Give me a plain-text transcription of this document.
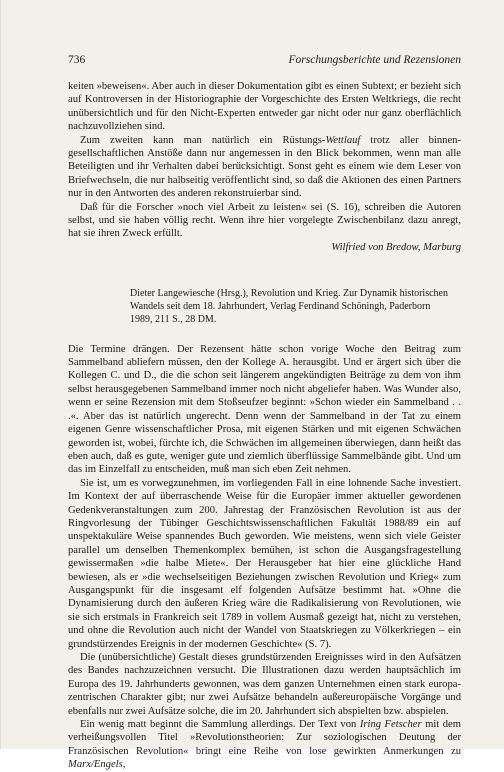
736	Forschungsberichte und Rezensionen

keiten »beweisen«. Aber auch in dieser Dokumentation gibt es einen Subtext; er bezieht sich auf Kontroversen in der Historiographie der Vorgeschichte des Ersten Weltkriegs, die recht unübersichtlich und für den Nicht-Experten entweder gar nicht oder nur ganz oberflächlich nachzuvollziehen sind.

Zum zweiten kann man natürlich ein Rüstungs-Wettlauf trotz aller binnen-gesellschaftlichen Anstöße dann nur angemessen in den Blick bekommen, wenn man alle Beteiligten und ihr Verhalten dabei berücksichtigt. Sonst geht es einem wie dem Leser von Briefwechseln, die nur halbseitig veröffentlicht sind, so daß die Aktionen des einen Partners nur in den Antworten des anderen rekonstruierbar sind.

Daß für die Forscher »noch viel Arbeit zu leisten« sei (S. 16), schreiben die Autoren selbst, und sie haben völlig recht. Wenn ihre hier vorgelegte Zwischenbilanz dazu anregt, hat sie ihren Zweck erfüllt.

Wilfried von Bredow, Marburg

Dieter Langewiesche (Hrsg.), Revolution und Krieg. Zur Dynamik historischen
Wandels seit dem 18. Jahrhundert, Verlag Ferdinand Schöningh, Paderborn
1989, 211 S., 28 DM.

Die Termine drängen. Der Rezensent hätte schon vorige Woche den Beitrag zum Sammelband abliefern müssen, den der Kollege A. herausgibt. Und er ärgert sich über die Kollegen C. und D., die die schon seit längerem angekündigten Beiträge zu dem von ihm selbst herausgegebenen Sammelband immer noch nicht abgeliefer haben. Was Wunder also, wenn er seine Rezension mit dem Stoßseufzer beginnt: »Schon wieder ein Sammelband . . .«. Aber das ist natürlich ungerecht. Denn wenn der Sammelband in der Tat zu einem eigenen Genre wissenschaftlicher Prosa, mit eigenen Stärken und mit eigenen Schwächen geworden ist, wobei, fürchte ich, die Schwächen im allgemeinen überwiegen, dann heißt das eben auch, daß es gute, weniger gute und ziemlich überflüssige Sammelbände gibt. Und um das im Einzelfall zu entscheiden, muß man sich eben Zeit nehmen.

Sie ist, um es vorwegzunehmen, im vorliegenden Fall in eine lohnende Sache investiert. Im Kontext der auf überraschende Weise für die Europäer immer aktueller gewordenen Gedenkveranstaltungen zum 200. Jahrestag der Französischen Revolution ist aus der Ringvorlesung der Tübinger Geschichtswissenschaftlichen Fakultät 1988/89 ein auf unspektakuläre Weise spannendes Buch geworden. Wie meistens, wenn sich viele Geister parallel um denselben Themenkomplex bemühen, ist schon die Ausgangsfragestellung gewissermaßen »die halbe Miete«. Der Herausgeber hat hier eine glückliche Hand bewiesen, als er »die wechselseitigen Beziehungen zwischen Revolution und Krieg« zum Ausgangspunkt für die insgesamt elf folgenden Aufsätze bestimmt hat. »Ohne die Dynamisierung durch den äußeren Krieg wäre die Radikalisierung von Revolutionen, wie sie sich erstmals in Frankreich seit 1789 in vollem Ausmaß gezeigt hat, nicht zu verstehen, und ohne die Revolution auch nicht der Wandel von Staatskriegen zu Völkerkriegen – ein grundstürzendes Ereignis in der modernen Geschichte« (S. 7).

Die (unübersichtliche) Gestalt dieses grundstürzenden Ereignisses wird in den Aufsätzen des Bandes nachzuzeichnen versucht. Die Illustrationen dazu werden hauptsächlich im Europa des 19. Jahrhunderts gewonnen, was dem ganzen Unternehmen einen stark europa-zentrischen Charakter gibt; nur zwei Aufsätze behandeln außereuropäische Vorgänge und ebenfalls nur zwei Aufsätze solche, die im 20. Jahrhundert sich abspielten bzw. abspielen.

Ein wenig matt beginnt die Sammlung allerdings. Der Text von Iring Fetscher mit dem verheißungsvollen Titel »Revolutionstheorien: Zur soziologischen Deutung der Französischen Revolution« bringt eine Reihe von lose gewirkten Anmerkungen zu Marx/Engels,
